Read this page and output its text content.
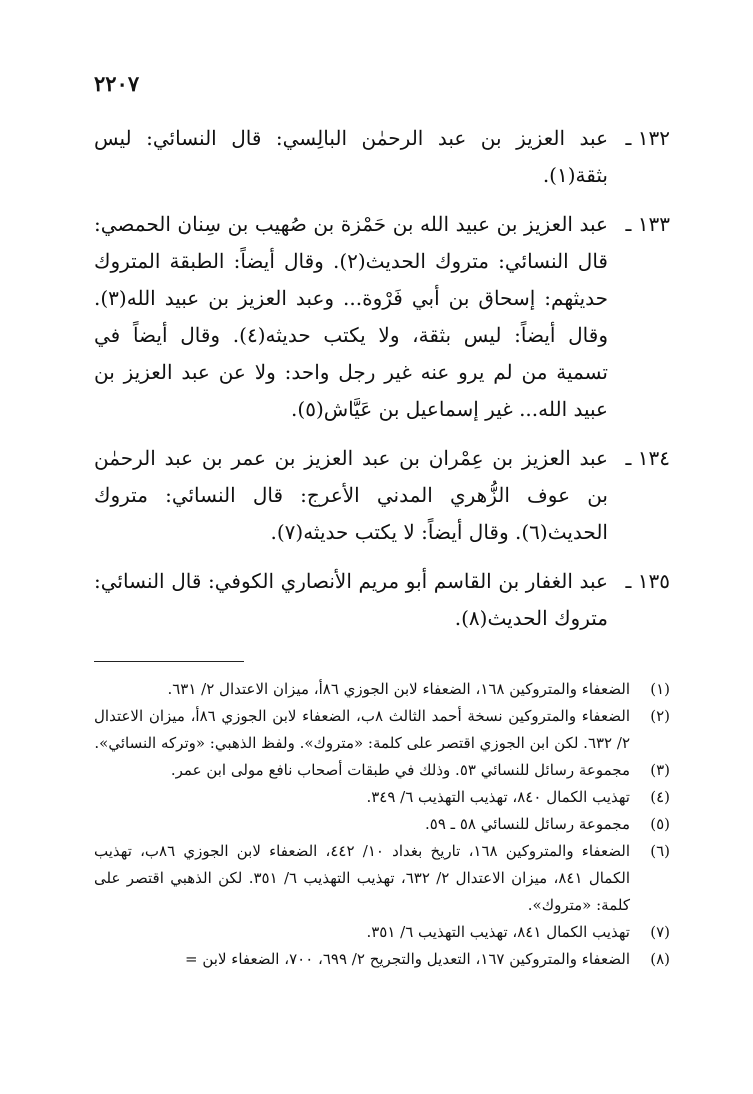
٢٢٠٧
١٣٢ ـ
عبد العزيز بن عبد الرحمٰن البالِسي: قال النسائي: ليس بثقة(١).
١٣٣ ـ
عبد العزيز بن عبيد الله بن حَمْزة بن صُهيب بن سِنان الحمصي: قال النسائي: متروك الحديث(٢). وقال أيضاً: الطبقة المتروك حديثهم: إسحاق بن أبي فَرْوة... وعبد العزيز بن عبيد الله(٣). وقال أيضاً: ليس بثقة، ولا يكتب حديثه(٤). وقال أيضاً في تسمية من لم يرو عنه غير رجل واحد: ولا عن عبد العزيز بن عبيد الله... غير إسماعيل بن عَيَّاش(٥).
١٣٤ ـ
عبد العزيز بن عِمْران بن عبد العزيز بن عمر بن عبد الرحمٰن بن عوف الزُّهري المدني الأعرج: قال النسائي: متروك الحديث(٦). وقال أيضاً: لا يكتب حديثه(٧).
١٣٥ ـ
عبد الغفار بن القاسم أبو مريم الأنصاري الكوفي: قال النسائي: متروك الحديث(٨).
(١)
الضعفاء والمتروكين ١٦٨، الضعفاء لابن الجوزي ٨٦أ، ميزان الاعتدال ٢/ ٦٣١.
(٢)
الضعفاء والمتروكين نسخة أحمد الثالث ٨ب، الضعفاء لابن الجوزي ٨٦أ، ميزان الاعتدال ٢/ ٦٣٢. لكن ابن الجوزي اقتصر على كلمة: «متروك». ولفظ الذهبي: «وتركه النسائي».
(٣)
مجموعة رسائل للنسائي ٥٣. وذلك في طبقات أصحاب نافع مولى ابن عمر.
(٤)
تهذيب الكمال ٨٤٠، تهذيب التهذيب ٦/ ٣٤٩.
(٥)
مجموعة رسائل للنسائي ٥٨ ـ ٥٩.
(٦)
الضعفاء والمتروكين ١٦٨، تاريخ بغداد ١٠/ ٤٤٢، الضعفاء لابن الجوزي ٨٦ب، تهذيب الكمال ٨٤١، ميزان الاعتدال ٢/ ٦٣٢، تهذيب التهذيب ٦/ ٣٥١. لكن الذهبي اقتصر على كلمة: «متروك».
(٧)
تهذيب الكمال ٨٤١، تهذيب التهذيب ٦/ ٣٥١.
(٨)
الضعفاء والمتروكين ١٦٧، التعديل والتجريح ٢/ ٦٩٩، ٧٠٠، الضعفاء لابن =
